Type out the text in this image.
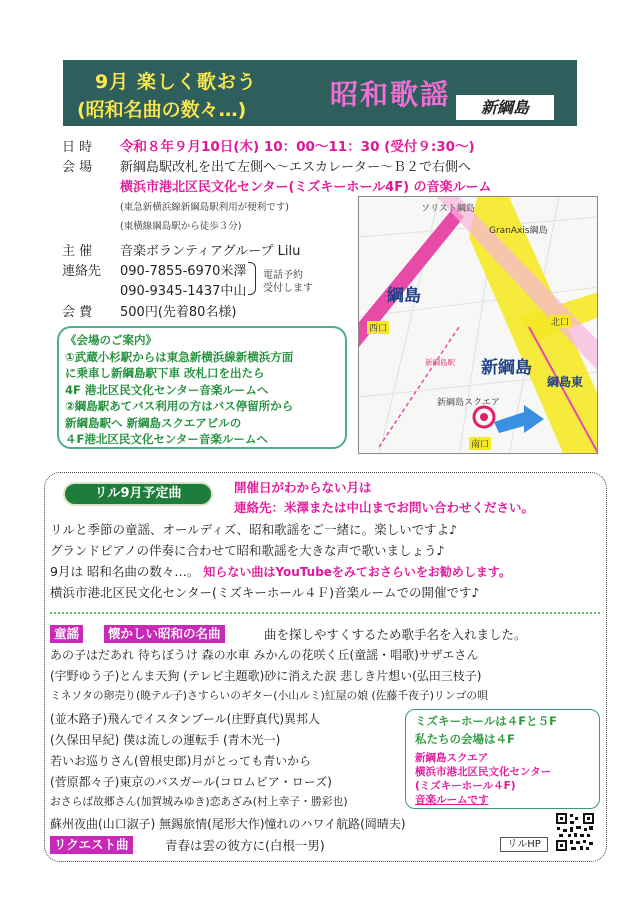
9月 楽しく歌おう
(昭和名曲の数々…)	昭和歌謡	新綱島
日 時 令和８年９月10日(木) 10：00〜11：30 (受付９:30〜)
会 場 新綱島駅改札を出て左側へ〜エスカレーター〜Ｂ２で右側へ
横浜市港北区民文化センター(ミズキーホール4F) の音楽ルーム
(東急新横浜線新綱島駅利用が便利です)
(東横線綱島駅から徒歩３分)
主 催 音楽ボランティアグループ Lilu
連絡先 090-7855-6970米澤
090-9345-1437中山
電話予約
受付します
会 費 500円(先着80名様)
ソリスト綱島
GranAxis綱島
綱島
西口
北口
新綱島
綱島東
新綱島スクエア
南口
新綱島駅
《会場のご案内》
①武蔵小杉駅からは東急新横浜線新横浜方面
に乗車し新綱島駅下車 改札口を出たら
4F 港北区民文化センター音楽ルームへ
②綱島駅あてバス利用の方はバス停留所から
新綱島駅へ 新綱島スクエアビルの
４F港北区民文化センター音楽ルームへ
リル9月予定曲	開催日がわからない月は
連絡先：米澤または中山までお問い合わせください。
リルと季節の童謡、オールディズ、昭和歌謡をご一緒に。楽しいですよ♪
グランドピアノの伴奏に合わせて昭和歌謡を大きな声で歌いましょう♪
9月は 昭和名曲の数々…。 知らない曲はYouTubeをみておさらいをお勧めします。
横浜市港北区民文化センター(ミズキーホール４Ｆ)音楽ルームでの開催です♪
童謡	懐かしい昭和の名曲	曲を探しやすくするため歌手名を入れました。
あの子はだあれ 待ちぼうけ 森の水車 みかんの花咲く丘(童謡・唱歌)サザエさん
(宇野ゆう子)とんま天狗 (テレビ主題歌)砂に消えた涙 悲しき片想い(弘田三枝子)
ミネソタの卵売り(暁テル子)さすらいのギター(小山ルミ)紅屋の娘 (佐藤千夜子)リンゴの唄
(並木路子)飛んでイスタンブール(庄野真代)異邦人
(久保田早紀) 僕は流しの運転手 (青木光一)
若いお巡りさん(曽根史郎)月がとっても青いから
(菅原都々子)東京のバスガール(コロムビア・ローズ)
おさらば故郷さん(加賀城みゆき)恋あざみ(村上幸子・勝彩也)
蘇州夜曲(山口淑子) 無錫旅情(尾形大作)憧れのハワイ航路(岡晴夫)
リクエスト曲	青春は雲の彼方に(白根一男)
ミズキーホールは４Fと５F
私たちの会場は４F
新綱島スクエア
横浜市港北区民文化センター
(ミズキーホール４F)
音楽ルームです
リルHP
